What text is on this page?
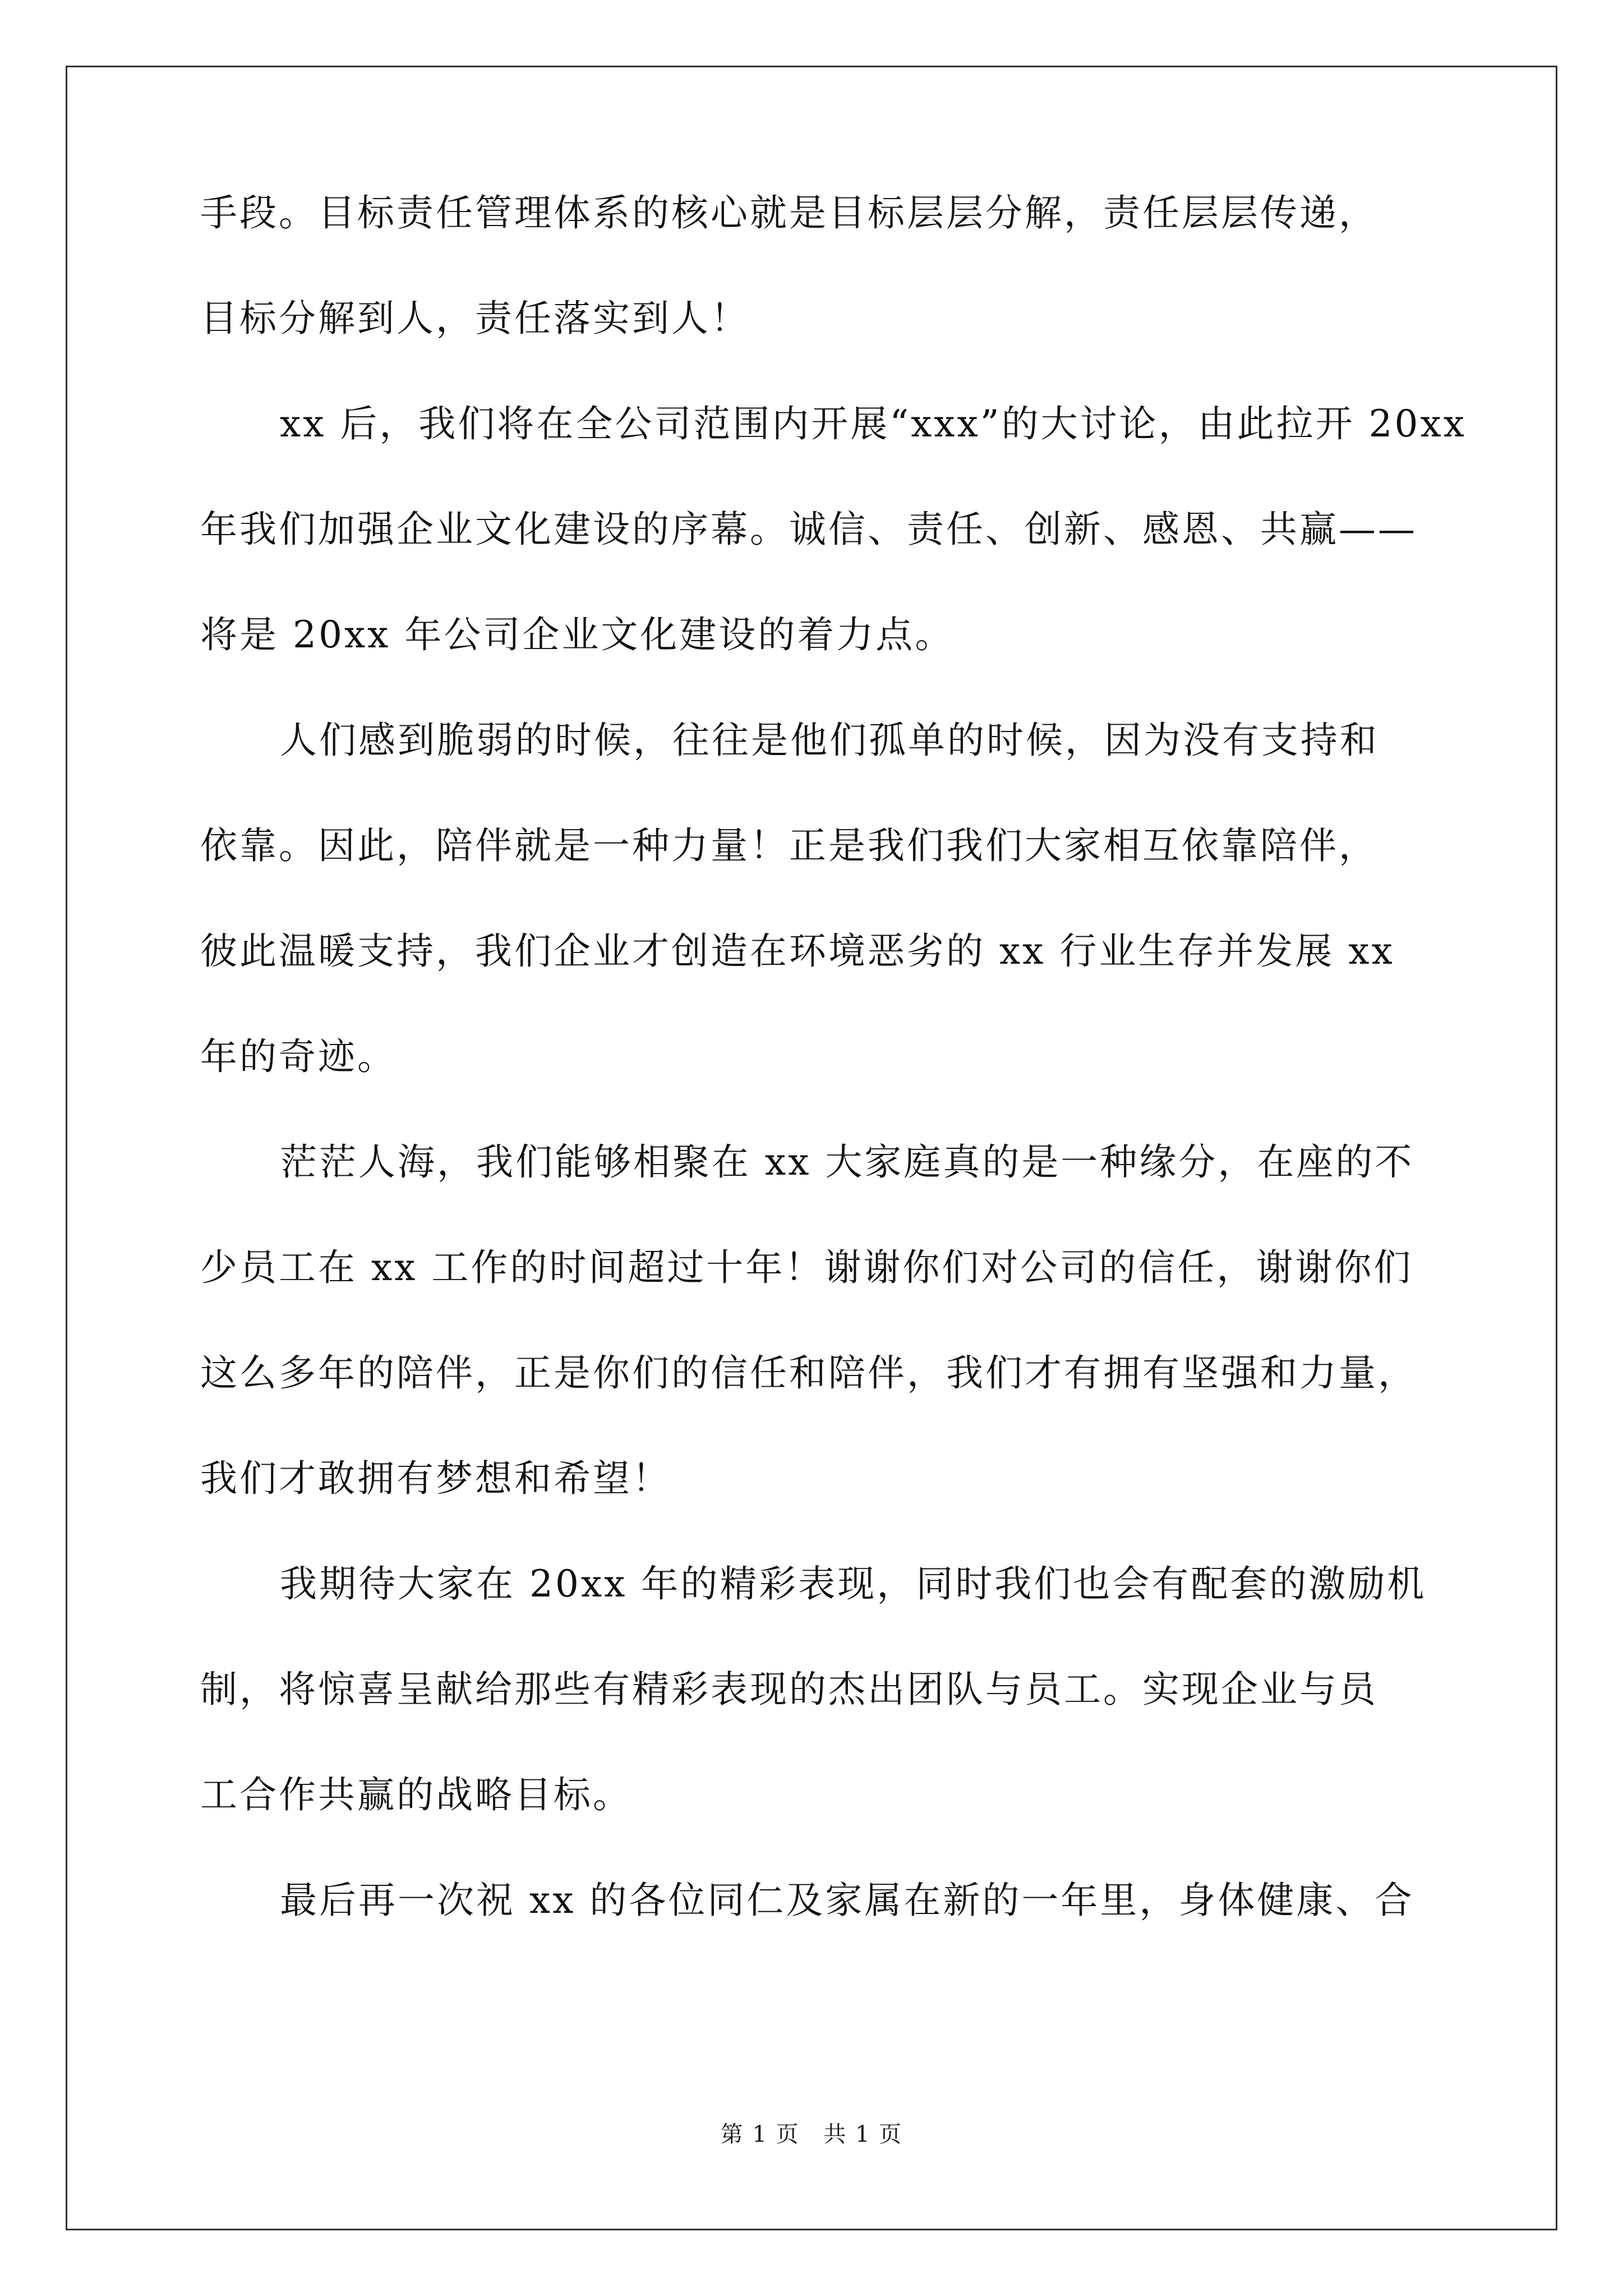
手段。目标责任管理体系的核心就是目标层层分解，责任层层传递，
目标分解到人，责任落实到人！
xx 后，我们将在全公司范围内开展“xxx”的大讨论，由此拉开 20xx
年我们加强企业文化建设的序幕。诚信、责任、创新、感恩、共赢——
将是 20xx 年公司企业文化建设的着力点。
人们感到脆弱的时候，往往是他们孤单的时候，因为没有支持和
依靠。因此，陪伴就是一种力量！正是我们我们大家相互依靠陪伴，
彼此温暖支持，我们企业才创造在环境恶劣的 xx 行业生存并发展 xx
年的奇迹。
茫茫人海，我们能够相聚在 xx 大家庭真的是一种缘分，在座的不
少员工在 xx 工作的时间超过十年！谢谢你们对公司的信任，谢谢你们
这么多年的陪伴，正是你们的信任和陪伴，我们才有拥有坚强和力量，
我们才敢拥有梦想和希望！
我期待大家在 20xx 年的精彩表现，同时我们也会有配套的激励机
制，将惊喜呈献给那些有精彩表现的杰出团队与员工。实现企业与员
工合作共赢的战略目标。
最后再一次祝 xx 的各位同仁及家属在新的一年里，身体健康、合
第 1 页 共 1 页
